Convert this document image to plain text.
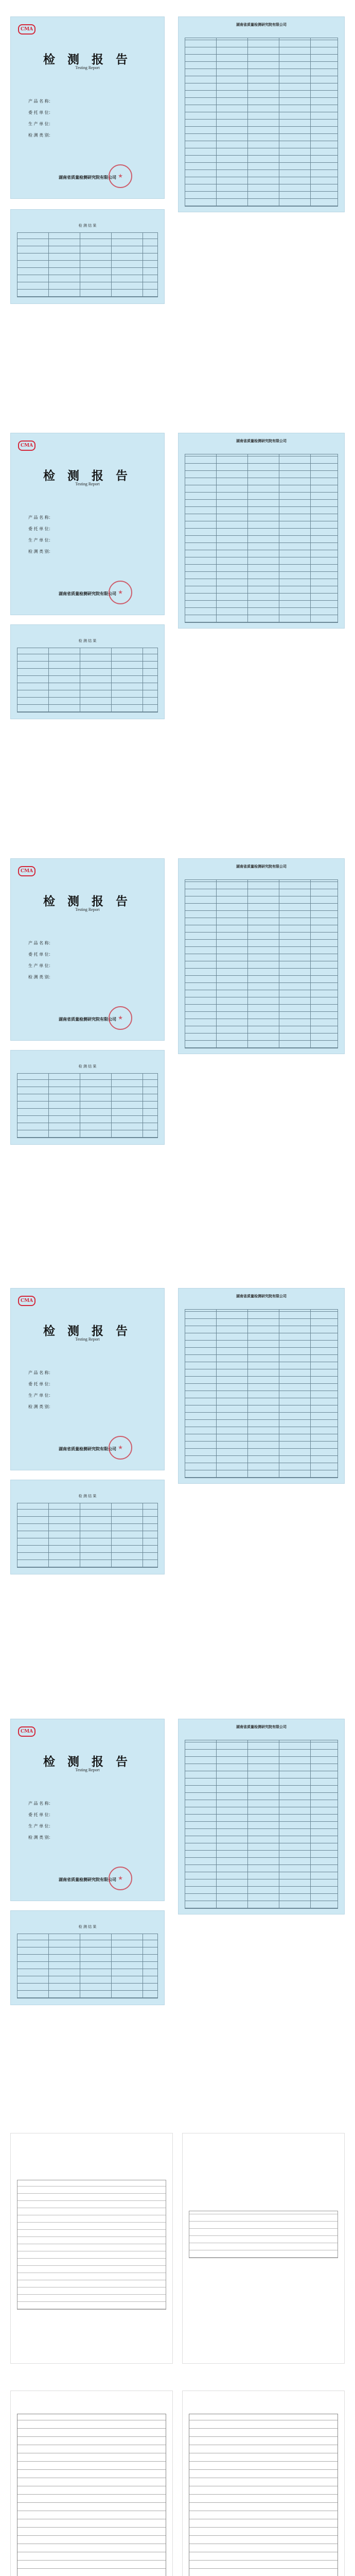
CMA
检 测 报 告
Testing Report
产 品 名 称：
委 托 单 位：
生 产 单 位：
检 测 类 别：
湖南省质量检测研究院有限公司
★
湖南省质量检测研究院有限公司
检 测 结 果
CMA
检 测 报 告
Testing Report
产 品 名 称：
委 托 单 位：
生 产 单 位：
检 测 类 别：
湖南省质量检测研究院有限公司
★
湖南省质量检测研究院有限公司
检 测 结 果
CMA
检 测 报 告
Testing Report
产 品 名 称：
委 托 单 位：
生 产 单 位：
检 测 类 别：
湖南省质量检测研究院有限公司
★
湖南省质量检测研究院有限公司
检 测 结 果
CMA
检 测 报 告
Testing Report
产 品 名 称：
委 托 单 位：
生 产 单 位：
检 测 类 别：
湖南省质量检测研究院有限公司
★
湖南省质量检测研究院有限公司
检 测 结 果
CMA
检 测 报 告
Testing Report
产 品 名 称：
委 托 单 位：
生 产 单 位：
检 测 类 别：
湖南省质量检测研究院有限公司
★
湖南省质量检测研究院有限公司
检 测 结 果
